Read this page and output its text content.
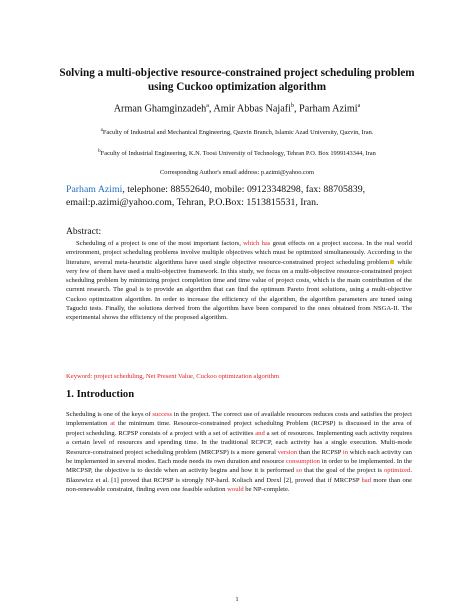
Solving a multi-objective resource-constrained project scheduling problem
using Cuckoo optimization algorithm
Arman Ghamginzadeh$^a$, Amir Abbas Najafi$^b$, Parham Azimi$^a$
$^a$Faculty of Industrial and Mechanical Engineering, Qazvin Branch, Islamic Azad University, Qazvin, Iran.
$^b$Faculty of Industrial Engineering, K.N. Toosi University of Technology, Tehran P.O. Box 1999143344, Iran
Corresponding Author's email address: p.azimi@yahoo.com
Parham Azimi, telephone: 88552640, mobile: 09123348298, fax: 88705839,
email:p.azimi@yahoo.com, Tehran, P.O.Box: 1513815531, Iran.
Abstract:
Scheduling of a project is one of the most important factors, which has great effects on a project success. In the real world environment, project scheduling problems involve multiple objectives which must be optimized simultaneously. According to the literature, several meta-heuristic algorithms have used single objective resource-constrained project scheduling problem while very few of them have used a multi-objective framework. In this study, we focus on a multi-objective resource-constrained project scheduling problem by minimizing project completion time and time value of project costs, which is the main contribution of the current research. The goal is to provide an algorithm that can find the optimum Pareto front solutions, using a multi-objective Cuckoo optimization algorithm. In order to increase the efficiency of the algorithm, the algorithm parameters are tuned using Taguchi tests. Finally, the solutions derived from the algorithm have been compared to the ones obtained from NSGA-II. The experimental shows the efficiency of the proposed algorithm.
Keyword: project scheduling, Net Present Value, Cuckoo optimization algorithm
1. Introduction
Scheduling is one of the keys of success in the project. The correct use of available resources reduces costs and satisfies the project implementation at the minimum time. Resource-constrained project scheduling Problem (RCPSP) is discussed in the area of project scheduling. RCPSP consists of a project with a set of activities and a set of resources. Implementing each activity requires a certain level of resources and spending time. In the traditional RCPCP, each activity has a single execution. Multi-mode Resource-constrained project scheduling problem (MRCPSP) is a more general version than the RCPSP in which each activity can be implemented in several modes. Each mode needs its own duration and resource consumption in order to be implemented. In the MRCPSP, the objective is to decide when an activity begins and how it is performed so that the goal of the project is optimized. Blazewicz et al. [1] proved that RCPSP is strongly NP-hard. Kolisch and Drexl [2], proved that if MRCPSP had more than one non-renewable constraint, finding even one feasible solution would be NP-complete.
1
